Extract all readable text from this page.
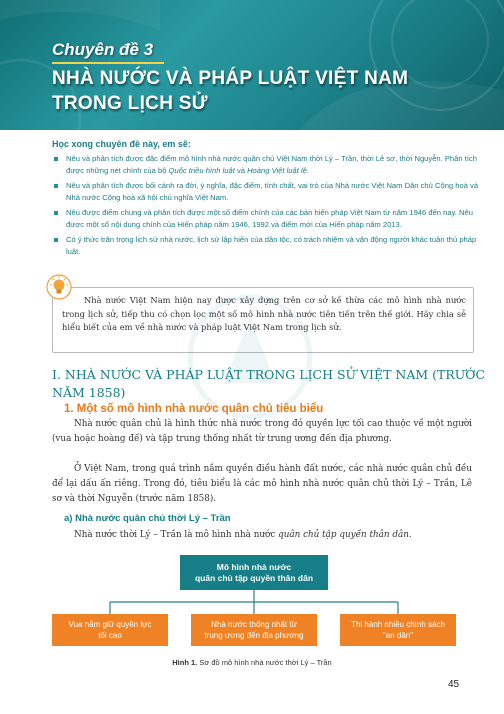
Chuyên đề 3
NHÀ NƯỚC VÀ PHÁP LUẬT VIỆT NAM
TRONG LỊCH SỬ
Học xong chuyên đề này, em sẽ:
Nêu và phân tích được đặc điểm mô hình nhà nước quân chủ Việt Nam thời Lý – Trần, thời Lê sơ, thời Nguyễn. Phân tích được những nét chính của bộ Quốc triều hình luật và Hoàng Việt luật lệ.
Nêu và phân tích được bối cảnh ra đời, ý nghĩa, đặc điểm, tính chất, vai trò của Nhà nước Việt Nam Dân chủ Cộng hoà và Nhà nước Cộng hoà xã hội chủ nghĩa Việt Nam.
Nêu được điểm chung và phân tích được một số điểm chính của các bản hiến pháp Việt Nam từ năm 1946 đến nay. Nêu được một số nội dung chính của Hiến pháp năm 1946, 1992 và điểm mới của Hiến pháp năm 2013.
Có ý thức trân trọng lịch sử nhà nước, lịch sử lập hiến của dân tộc, có trách nhiệm và vận động người khác tuân thủ pháp luật.

Nhà nước Việt Nam hiện nay được xây dựng trên cơ sở kế thừa các mô hình nhà nước trong lịch sử, tiếp thu có chọn lọc một số mô hình nhà nước tiên tiến trên thế giới. Hãy chia sẻ hiểu biết của em về nhà nước và pháp luật Việt Nam trong lịch sử.

I. NHÀ NƯỚC VÀ PHÁP LUẬT TRONG LỊCH SỬ VIỆT NAM (TRƯỚC NĂM 1858)
1. Một số mô hình nhà nước quân chủ tiêu biểu

Nhà nước quân chủ là hình thức nhà nước trong đó quyền lực tối cao thuộc về một người (vua hoặc hoàng đế) và tập trung thống nhất từ trung ương đến địa phương.

Ở Việt Nam, trong quá trình nắm quyền điều hành đất nước, các nhà nước quân chủ đều để lại dấu ấn riêng. Trong đó, tiêu biểu là các mô hình nhà nước quân chủ thời Lý – Trần, Lê sơ và thời Nguyễn (trước năm 1858).

a) Nhà nước quân chủ thời Lý – Trần

Nhà nước thời Lý – Trần là mô hình nhà nước quân chủ tập quyền thân dân.

Mô hình nhà nước
quân chủ tập quyền thân dân
Vua nắm giữ quyền lực
tối cao
Nhà nước thống nhất từ
trung ương đến địa phương
Thi hành nhiều chính sách
"an dân"
Hình 1. Sơ đồ mô hình nhà nước thời Lý – Trần
45
